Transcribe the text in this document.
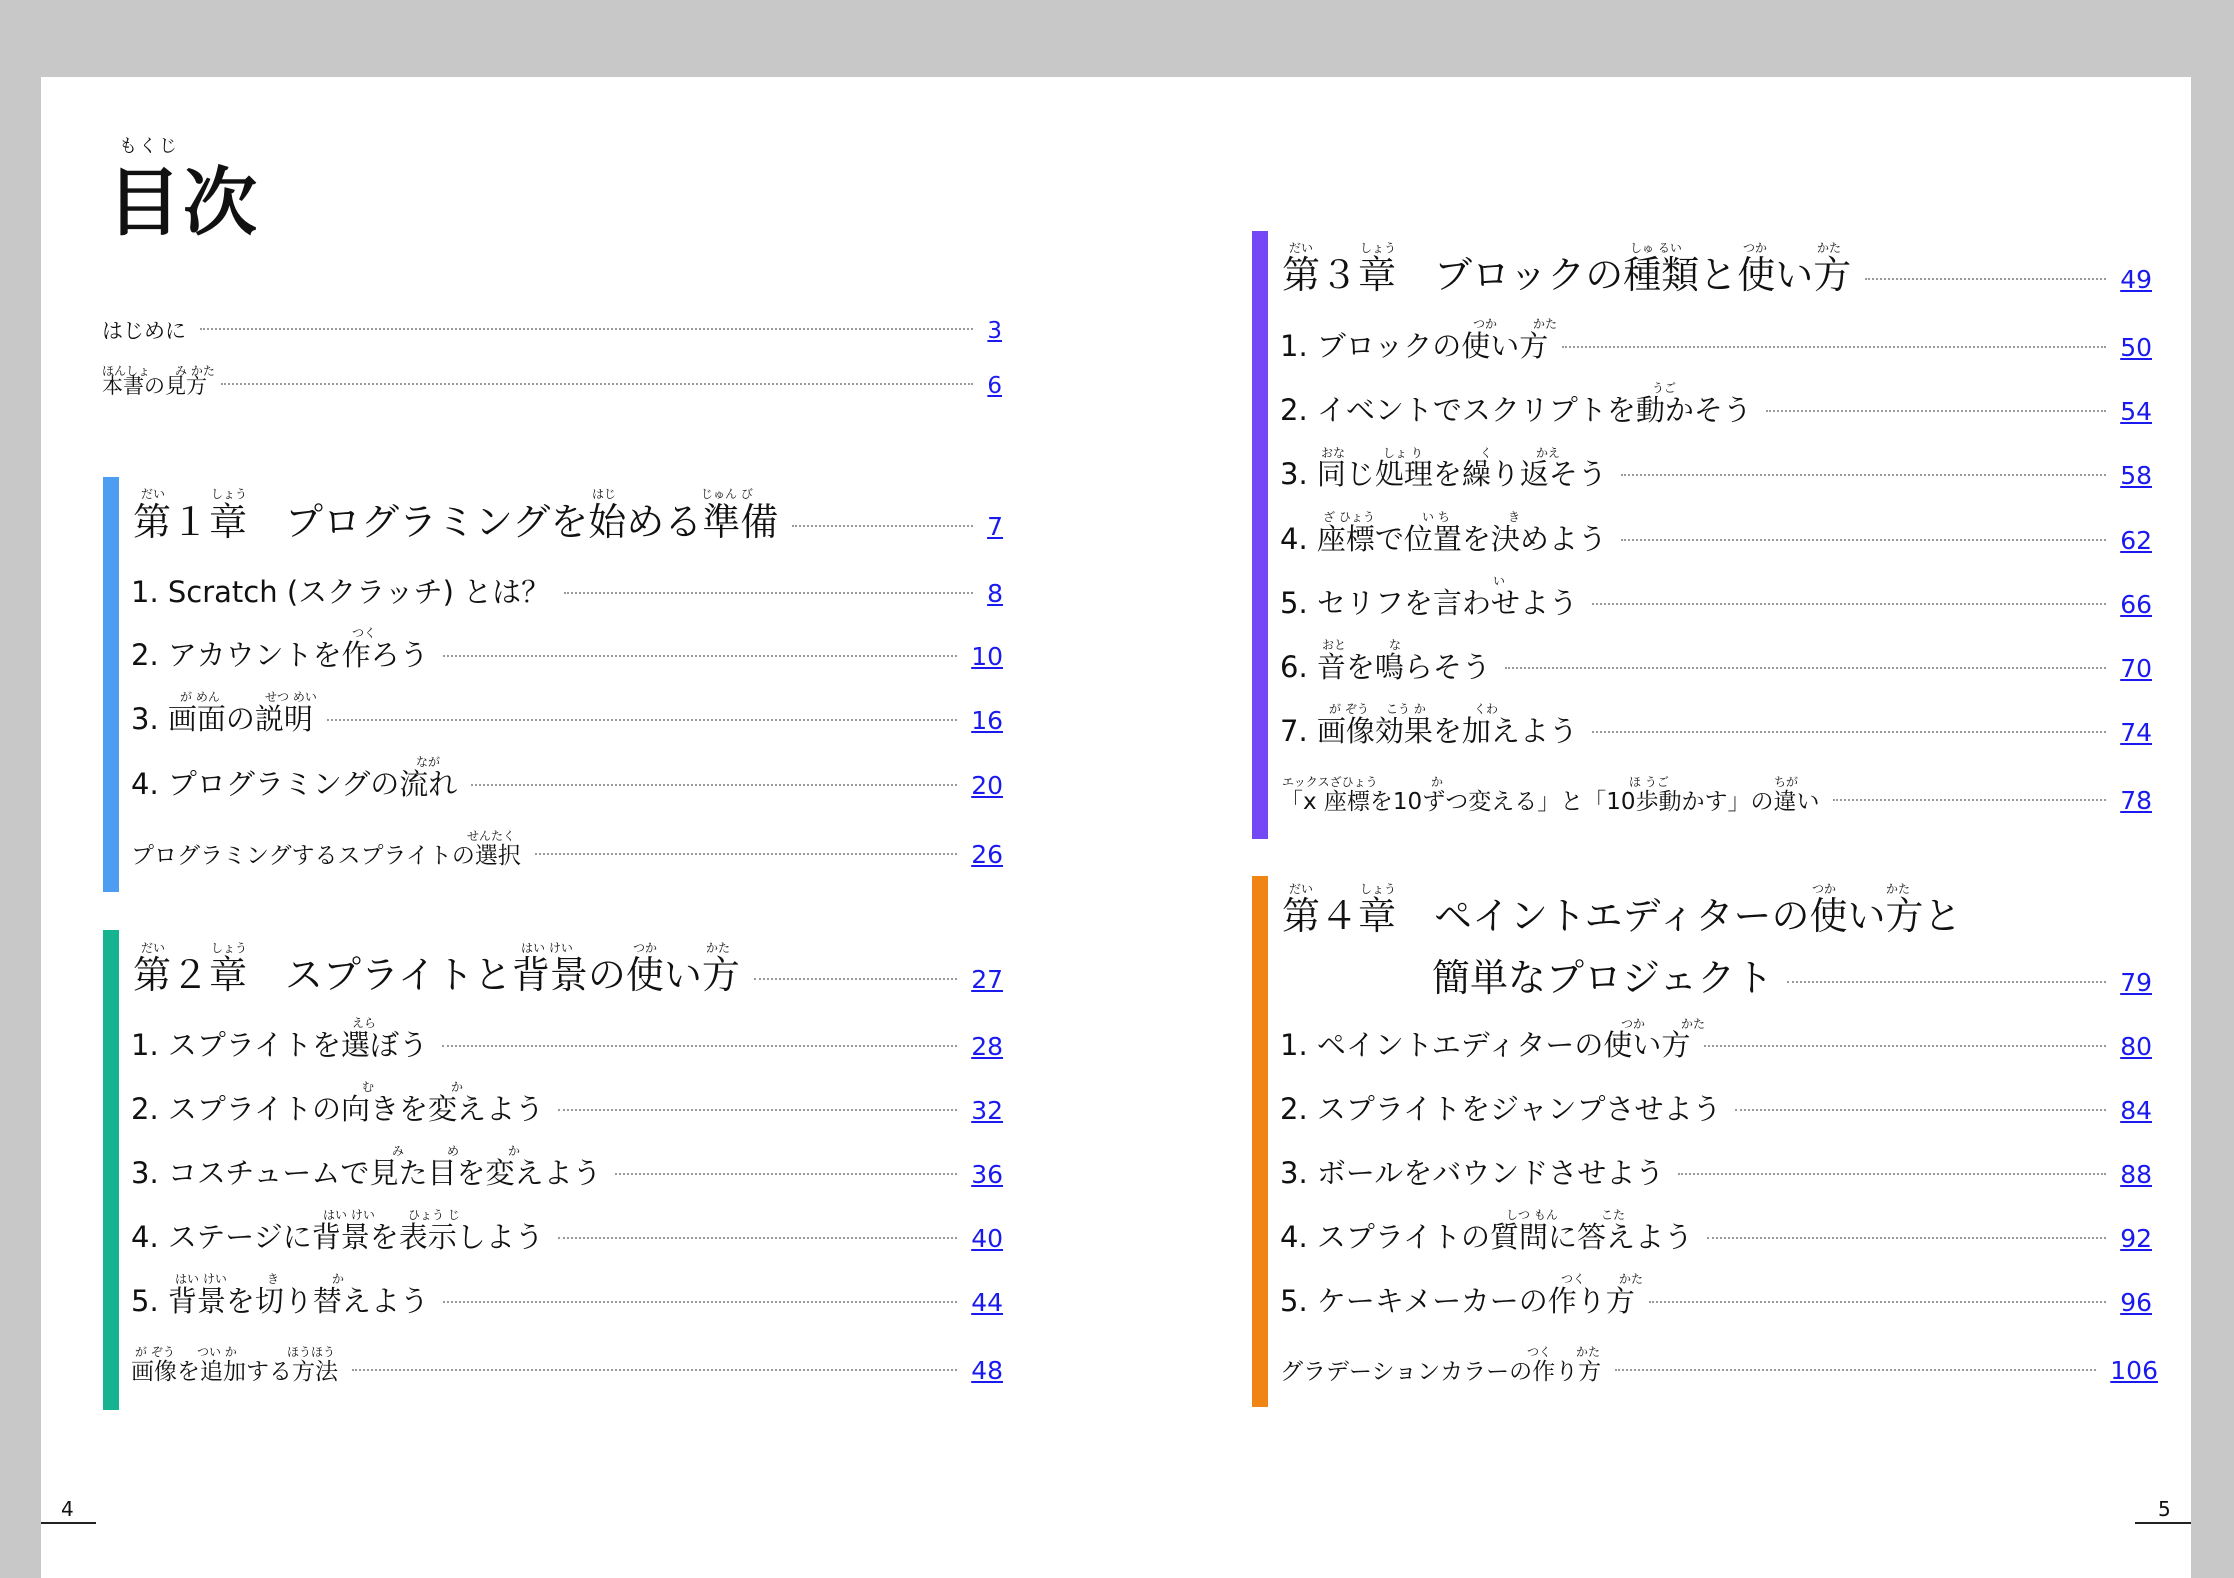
もくじ
目次
はじめに	3
ほんしょ み かた
本書の見方	6
だい	しょう	はじ	じゅん び
第１章　プログラミングを始める準備	7
1. Scratch (スクラッチ) とは？	8
つく
2. アカウントを作ろう	10
が めん	せつ めい
3. 画面の説明	16
なが
4. プログラミングの流れ	20
せんたく
プログラミングするスプライトの選択	26
だい	しょう	はい けい	つか	かた
第２章　スプライトと背景の使い方	27
えら
1. スプライトを選ぼう	28
む	か
2. スプライトの向きを変えよう	32
み	め	か
3. コスチュームで見た目を変えよう	36
はい けい	ひょう じ
4. ステージに背景を表示しよう	40
はい けい	き	か
5. 背景を切り替えよう	44
が ぞう つい か	ほうほう
画像を追加する方法	48
だい	しょう	しゅ るい	つか	かた
第３章　ブロックの種類と使い方	49
つか	かた
1. ブロックの使い方	50
うご
2. イベントでスクリプトを動かそう	54
おな	しょ り	く	かえ
3. 同じ処理を繰り返そう	58
ざ ひょう	い ち	き
4. 座標で位置を決めよう	62
い
5. セリフを言わせよう	66
おと	な
6. 音を鳴らそう	70
が ぞう こう か	くわ
7. 画像効果を加えよう	74
エックスざひょう	か	ほ うご	ちが
「x 座標を10ずつ変える」と「10歩動かす」の違い	78
だい	しょう	つか	かた
第４章　ペイントエディターの使い方と
簡単なプロジェクト	79
つか	かた
1. ペイントエディターの使い方	80
2. スプライトをジャンプさせよう	84
3. ボールをバウンドさせよう	88
しつ もん	こた
4. スプライトの質問に答えよう	92
つく	かた
5. ケーキメーカーの作り方	96
つく かた
グラデーションカラーの作り方	106
4	5
